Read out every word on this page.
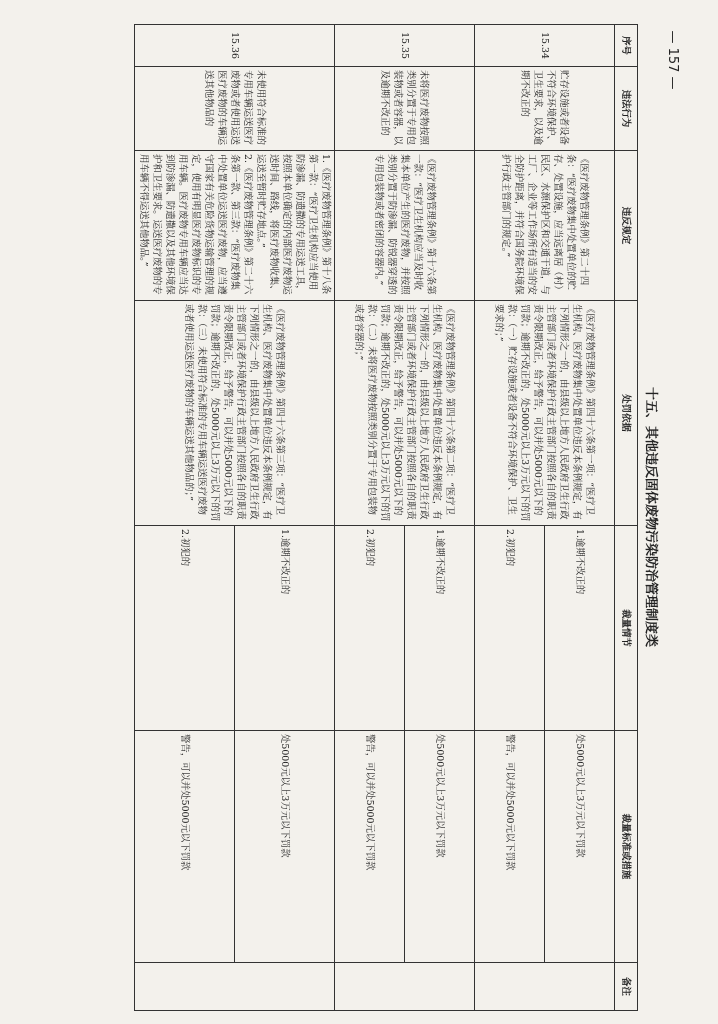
— 157 —
十五、其他违反固体废物污染防治管理制度类
序号	违法行为	违反规定	处罚依据	裁量情节	裁量标准或措施	备注
15.34	贮存设施或者设备不符合环境保护、卫生要求，以及逾期不改正的	《医疗废物管理条例》第二十四条：“医疗废物集中处置单位的贮存、处置设施，应当远离居（村）民区、水源保护区和交通干道，与工厂、企业等工作场所有适当的安全防护距离，并符合国务院环境保护行政主管部门的规定。”	《医疗废物管理条例》第四十六条第一项：“医疗卫生机构、医疗废物集中处置单位违反本条例规定，有下列情形之一的，由县级以上地方人民政府卫生行政主管部门或者环境保护行政主管部门按照各自的职责责令限期改正，给予警告，可以并处5000元以下的罚款；逾期不改正的，处5000元以上3万元以下的罚款：（一）贮存设施或者设备不符合环境保护、卫生要求的；”	1.逾期不改正的	处5000元以上3万元以下罚款	
				2.初犯的	警告，可以并处5000元以下罚款	
15.35	未将医疗废物按照类别分置于专用包装物或者容器，以及逾期不改正的	《医疗废物管理条例》第十六条第一款：“医疗卫生机构应当及时收集本单位产生的医疗废物，并按照类别分置于防渗漏、防锐器穿透的专用包装物或者密闭的容器内。”	《医疗废物管理条例》第四十六条第二项：“医疗卫生机构、医疗废物集中处置单位违反本条例规定，有下列情形之一的，由县级以上地方人民政府卫生行政主管部门或者环境保护行政主管部门按照各自的职责责令限期改正，给予警告，可以并处5000元以下的罚款；逾期不改正的，处5000元以上3万元以下的罚款：（二）未将医疗废物按照类别分置于专用包装物或者容器的；”	1.逾期不改正的	处5000元以上3万元以下罚款	
				2.初犯的	警告，可以并处5000元以下罚款	
15.36	未使用符合标准的专用车辆运送医疗废物或者使用运送医疗废物的车辆运送其他物品的	1.《医疗废物管理条例》第十八条第一款：“医疗卫生机构应当使用防渗漏、防遗撒的专用运送工具，按照本单位确定的内部医疗废物运送时间、路线，将医疗废物收集、运送至暂时贮存地点。”
2.《医疗废物管理条例》第二十六条第一款、第三款：“医疗废物集中处置单位运送医疗废物，应当遵守国家有关危险货物运输管理的规定，使用有明显医疗废物标识的专用车辆。医疗废物专用车辆应当达到防渗漏、防遗撒以及其他环境保护和卫生要求。运送医疗废物的专用车辆不得运送其他物品。”	《医疗废物管理条例》第四十六条第三项：“医疗卫生机构、医疗废物集中处置单位违反本条例规定，有下列情形之一的，由县级以上地方人民政府卫生行政主管部门或者环境保护行政主管部门按照各自的职责责令限期改正，给予警告，可以并处5000元以下的罚款；逾期不改正的，处5000元以上3万元以下的罚款：（三）未使用符合标准的专用车辆运送医疗废物或者使用运送医疗废物的车辆运送其他物品的；”	1.逾期不改正的	处5000元以上3万元以下罚款	
				2.初犯的	警告，可以并处5000元以下罚款	
